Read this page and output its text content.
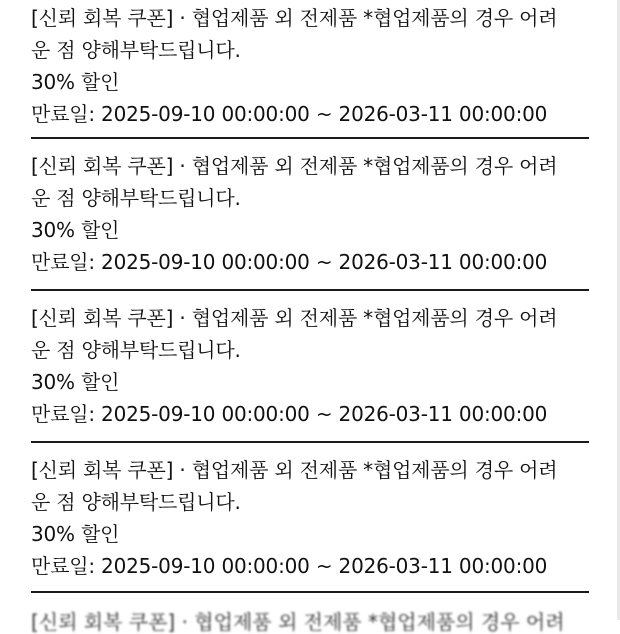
[신뢰 회복 쿠폰] · 협업제품 외 전제품 *협업제품의 경우 어려
운 점 양해부탁드립니다.
30% 할인
만료일: 2025-09-10 00:00:00 ~ 2026-03-11 00:00:00
[신뢰 회복 쿠폰] · 협업제품 외 전제품 *협업제품의 경우 어려
운 점 양해부탁드립니다.
30% 할인
만료일: 2025-09-10 00:00:00 ~ 2026-03-11 00:00:00
[신뢰 회복 쿠폰] · 협업제품 외 전제품 *협업제품의 경우 어려
운 점 양해부탁드립니다.
30% 할인
만료일: 2025-09-10 00:00:00 ~ 2026-03-11 00:00:00
[신뢰 회복 쿠폰] · 협업제품 외 전제품 *협업제품의 경우 어려
운 점 양해부탁드립니다.
30% 할인
만료일: 2025-09-10 00:00:00 ~ 2026-03-11 00:00:00
[신뢰 회복 쿠폰] · 협업제품 외 전제품 *협업제품의 경우 어려
